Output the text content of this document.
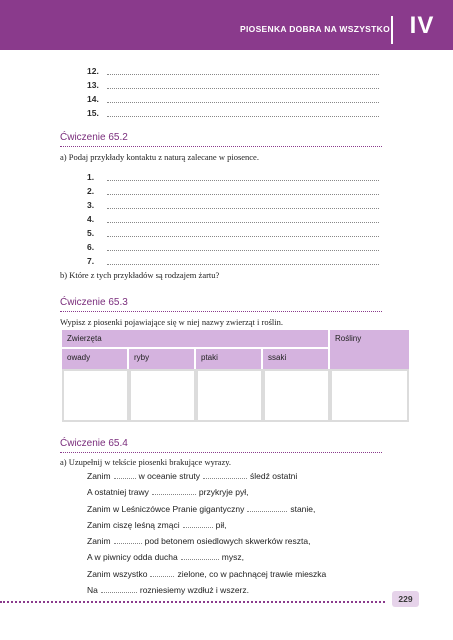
PIOSENKA DOBRA NA WSZYSTKO IV
12.
13.
14.
15.
Ćwiczenie 65.2
a) Podaj przykłady kontaktu z naturą zalecane w piosence.
1.
2.
3.
4.
5.
6.
7.
b) Które z tych przykładów są rodzajem żartu?
Ćwiczenie 65.3
Wypisz z piosenki pojawiające się w niej nazwy zwierząt i roślin.
Zwierzęta	Rośliny
owady	ryby	ptaki	ssaki
Ćwiczenie 65.4
a) Uzupełnij w tekście piosenki brakujące wyrazy.
Zanim	w oceanie struty	śledź ostatni
A ostatniej trawy	przykryje pył,
Zanim w Leśniczówce Pranie gigantyczny	stanie,
Zanim ciszę leśną zmąci	pił,
Zanim	pod betonem osiedlowych skwerków reszta,
A w piwnicy odda ducha	mysz,
Zanim wszystko	zielone, co w pachnącej trawie mieszka
Na	rozniesiemy wzdłuż i wszerz.
229
